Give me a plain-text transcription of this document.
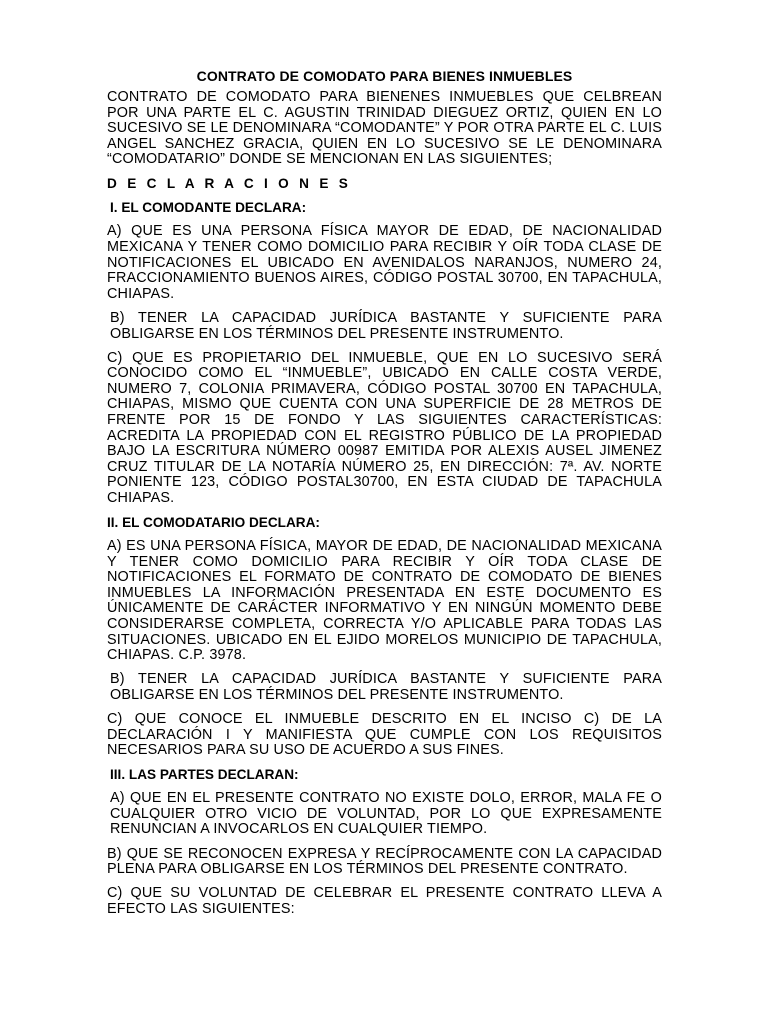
CONTRATO DE COMODATO PARA BIENES INMUEBLES

CONTRATO DE COMODATO PARA BIENENES INMUEBLES QUE CELBREAN POR UNA PARTE EL C. AGUSTIN TRINIDAD DIEGUEZ ORTIZ, QUIEN EN LO SUCESIVO SE LE DENOMINARA “COMODANTE” Y POR OTRA PARTE EL C. LUIS ANGEL SANCHEZ GRACIA, QUIEN EN LO SUCESIVO SE LE DENOMINARA “COMODATARIO” DONDE SE MENCIONAN EN LAS SIGUIENTES;

D E C L A R A C I O N E S
I. EL COMODANTE DECLARA:

A) QUE ES UNA PERSONA FÍSICA MAYOR DE EDAD, DE NACIONALIDAD MEXICANA Y TENER COMO DOMICILIO PARA RECIBIR Y OÍR TODA CLASE DE NOTIFICACIONES EL UBICADO EN AVENIDALOS NARANJOS, NUMERO 24, FRACCIONAMIENTO BUENOS AIRES, CÓDIGO POSTAL 30700, EN TAPACHULA, CHIAPAS.

B) TENER LA CAPACIDAD JURÍDICA BASTANTE Y SUFICIENTE PARA OBLIGARSE EN LOS TÉRMINOS DEL PRESENTE INSTRUMENTO.

C) QUE ES PROPIETARIO DEL INMUEBLE, QUE EN LO SUCESIVO SERÁ CONOCIDO COMO EL “INMUEBLE”, UBICADO EN CALLE COSTA VERDE, NUMERO 7, COLONIA PRIMAVERA, CÓDIGO POSTAL 30700 EN TAPACHULA, CHIAPAS, MISMO QUE CUENTA CON UNA SUPERFICIE DE 28 METROS DE FRENTE POR 15 DE FONDO Y LAS SIGUIENTES CARACTERÍSTICAS: ACREDITA LA PROPIEDAD CON EL REGISTRO PÚBLICO DE LA PROPIEDAD BAJO LA ESCRITURA NÚMERO 00987 EMITIDA POR ALEXIS AUSEL JIMENEZ CRUZ TITULAR DE LA NOTARÍA NÚMERO 25, EN DIRECCIÓN: 7ª. AV. NORTE PONIENTE 123, CÓDIGO POSTAL30700, EN ESTA CIUDAD DE TAPACHULA CHIAPAS.

II. EL COMODATARIO DECLARA:

A) ES UNA PERSONA FÍSICA, MAYOR DE EDAD, DE NACIONALIDAD MEXICANA Y TENER COMO DOMICILIO PARA RECIBIR Y OÍR TODA CLASE DE NOTIFICACIONES EL FORMATO DE CONTRATO DE COMODATO DE BIENES INMUEBLES LA INFORMACIÓN PRESENTADA EN ESTE DOCUMENTO ES ÚNICAMENTE DE CARÁCTER INFORMATIVO Y EN NINGÚN MOMENTO DEBE CONSIDERARSE COMPLETA, CORRECTA Y/O APLICABLE PARA TODAS LAS SITUACIONES. UBICADO EN EL EJIDO MORELOS MUNICIPIO DE TAPACHULA, CHIAPAS. C.P. 3978.

B) TENER LA CAPACIDAD JURÍDICA BASTANTE Y SUFICIENTE PARA OBLIGARSE EN LOS TÉRMINOS DEL PRESENTE INSTRUMENTO.

C) QUE CONOCE EL INMUEBLE DESCRITO EN EL INCISO C) DE LA DECLARACIÓN I Y MANIFIESTA QUE CUMPLE CON LOS REQUISITOS NECESARIOS PARA SU USO DE ACUERDO A SUS FINES.

III. LAS PARTES DECLARAN:

A) QUE EN EL PRESENTE CONTRATO NO EXISTE DOLO, ERROR, MALA FE O CUALQUIER OTRO VICIO DE VOLUNTAD, POR LO QUE EXPRESAMENTE RENUNCIAN A INVOCARLOS EN CUALQUIER TIEMPO.

B) QUE SE RECONOCEN EXPRESA Y RECÍPROCAMENTE CON LA CAPACIDAD PLENA PARA OBLIGARSE EN LOS TÉRMINOS DEL PRESENTE CONTRATO.

C) QUE SU VOLUNTAD DE CELEBRAR EL PRESENTE CONTRATO LLEVA A EFECTO LAS SIGUIENTES:
